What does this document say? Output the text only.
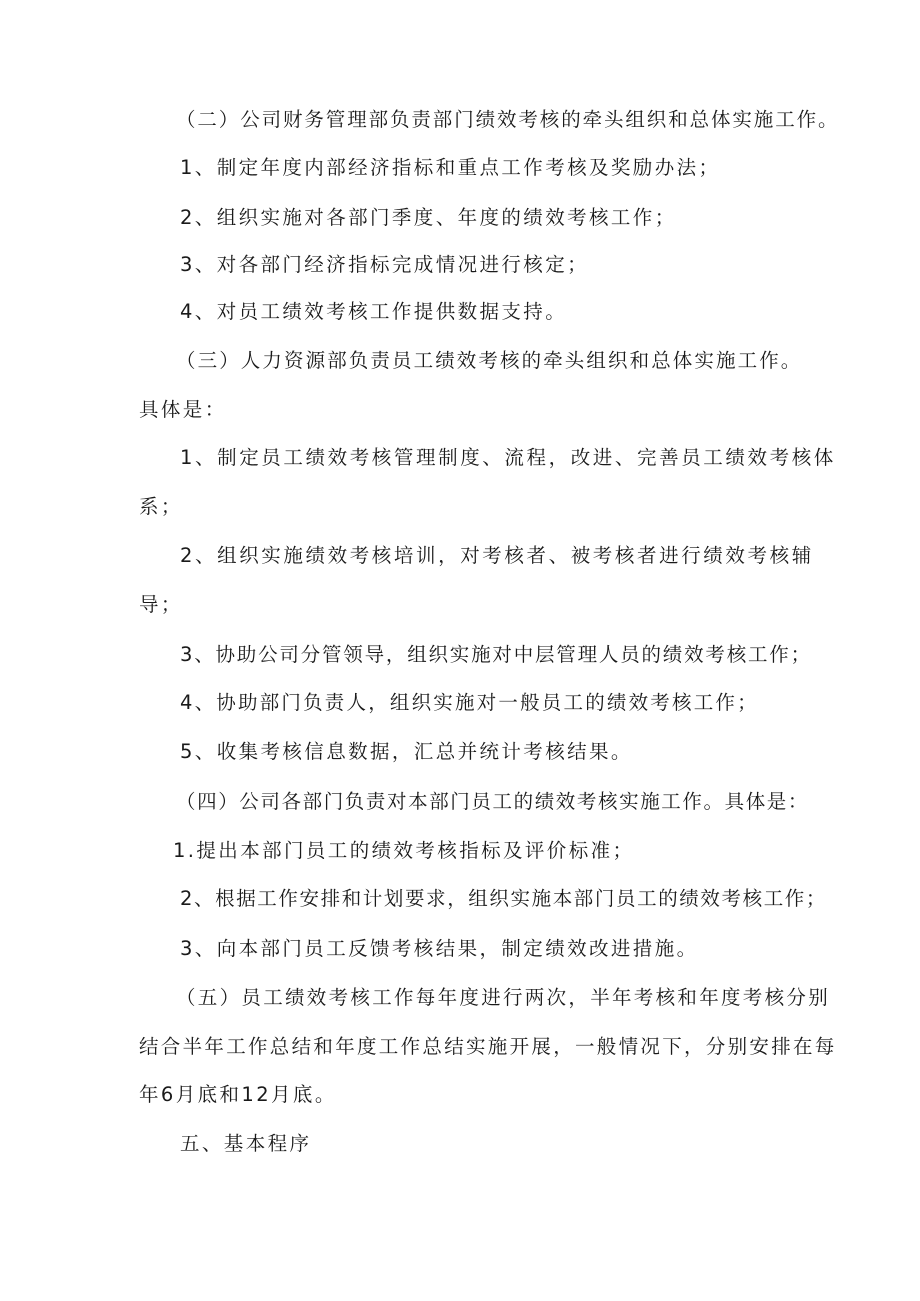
（二）公司财务管理部负责部门绩效考核的牵头组织和总体实施工作。
1、制定年度内部经济指标和重点工作考核及奖励办法；
2、组织实施对各部门季度、年度的绩效考核工作；
3、对各部门经济指标完成情况进行核定；
4、对员工绩效考核工作提供数据支持。
（三）人力资源部负责员工绩效考核的牵头组织和总体实施工作。
具体是：
1、制定员工绩效考核管理制度、流程，改进、完善员工绩效考核体
系；
2、组织实施绩效考核培训，对考核者、被考核者进行绩效考核辅
导；
3、协助公司分管领导，组织实施对中层管理人员的绩效考核工作；
4、协助部门负责人，组织实施对一般员工的绩效考核工作；
5、收集考核信息数据，汇总并统计考核结果。
（四）公司各部门负责对本部门员工的绩效考核实施工作。具体是：
1.提出本部门员工的绩效考核指标及评价标准；
2、根据工作安排和计划要求，组织实施本部门员工的绩效考核工作；
3、向本部门员工反馈考核结果，制定绩效改进措施。
（五）员工绩效考核工作每年度进行两次，半年考核和年度考核分别
结合半年工作总结和年度工作总结实施开展，一般情况下，分别安排在每
年6月底和12月底。
五、基本程序
